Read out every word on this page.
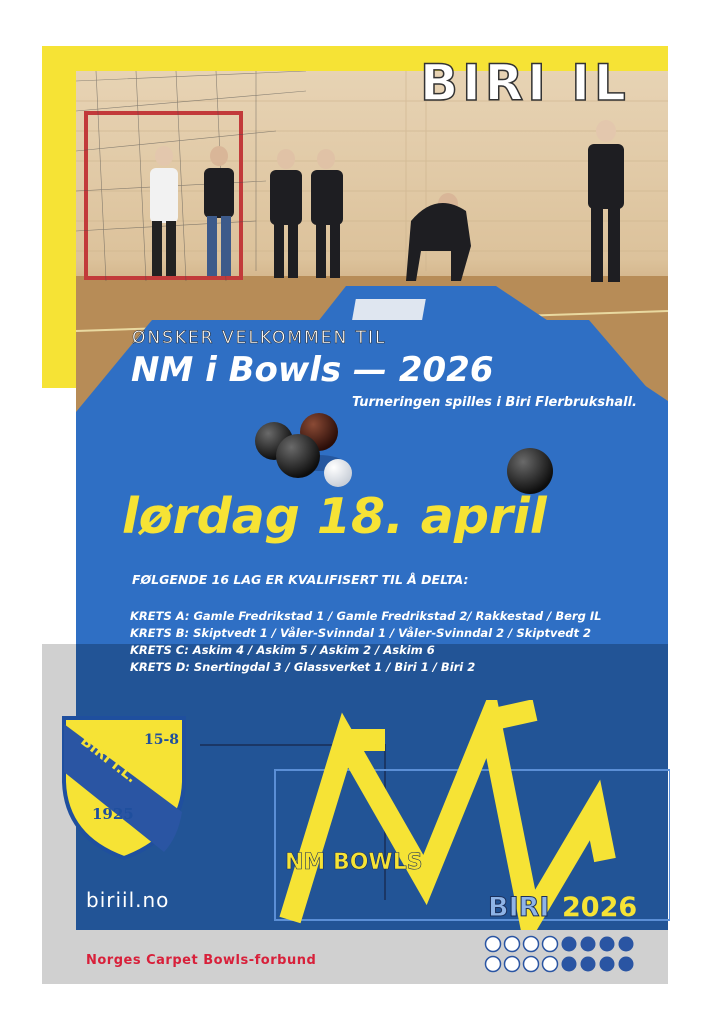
BIRI IL
ØNSKER VELKOMMEN TIL
NM i Bowls — 2026
Turneringen spilles i Biri Flerbrukshall.
lørdag 18. april
FØLGENDE 16 LAG ER KVALIFISERT TIL Å DELTA:
KRETS A: Gamle Fredrikstad 1 / Gamle Fredrikstad 2/ Rakkestad / Berg IL
KRETS B: Skiptvedt 1 / Våler-Svinndal 1 / Våler-Svinndal 2 / Skiptvedt 2
KRETS C: Askim 4 / Askim 5 / Askim 2 / Askim 6
KRETS D: Snertingdal 3 / Glassverket 1 / Biri 1 / Biri 2
BIRI I.L. 15-8
1925
biriil.no
NM BOWLS
BIRI 2026
Norges Carpet Bowls-forbund
